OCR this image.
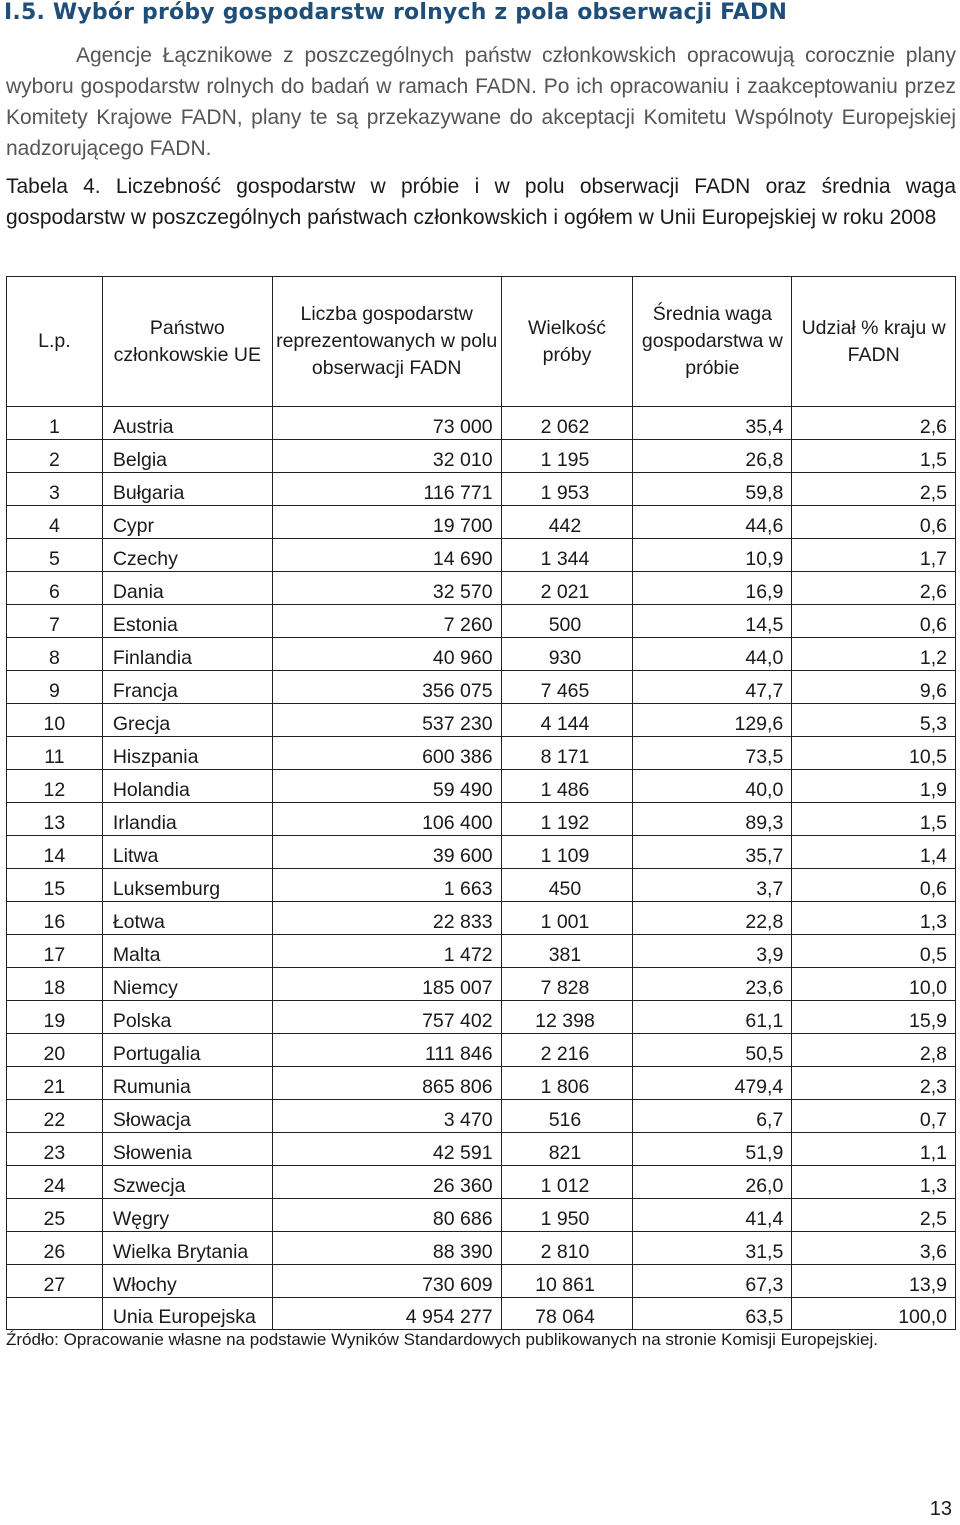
I.5. Wybór próby gospodarstw rolnych z pola obserwacji FADN

Agencje Łącznikowe z poszczególnych państw członkowskich opracowują corocznie plany wyboru gospodarstw rolnych do badań w ramach FADN. Po ich opracowaniu i zaakceptowaniu przez Komitety Krajowe FADN, plany te są przekazywane do akceptacji Komitetu Wspólnoty Europejskiej nadzorującego FADN.

Tabela 4. Liczebność gospodarstw w próbie i w polu obserwacji FADN oraz średnia waga gospodarstw w poszczególnych państwach członkowskich i ogółem w Unii Europejskiej w roku 2008

L.p.	Państwo członkowskie UE	Liczba gospodarstw reprezentowanych w polu obserwacji FADN	Wielkość próby	Średnia waga gospodarstwa w próbie	Udział % kraju w FADN
1	Austria	73 000	2 062	35,4	2,6
2	Belgia	32 010	1 195	26,8	1,5
3	Bułgaria	116 771	1 953	59,8	2,5
4	Cypr	19 700	442	44,6	0,6
5	Czechy	14 690	1 344	10,9	1,7
6	Dania	32 570	2 021	16,9	2,6
7	Estonia	7 260	500	14,5	0,6
8	Finlandia	40 960	930	44,0	1,2
9	Francja	356 075	7 465	47,7	9,6
10	Grecja	537 230	4 144	129,6	5,3
11	Hiszpania	600 386	8 171	73,5	10,5
12	Holandia	59 490	1 486	40,0	1,9
13	Irlandia	106 400	1 192	89,3	1,5
14	Litwa	39 600	1 109	35,7	1,4
15	Luksemburg	1 663	450	3,7	0,6
16	Łotwa	22 833	1 001	22,8	1,3
17	Malta	1 472	381	3,9	0,5
18	Niemcy	185 007	7 828	23,6	10,0
19	Polska	757 402	12 398	61,1	15,9
20	Portugalia	111 846	2 216	50,5	2,8
21	Rumunia	865 806	1 806	479,4	2,3
22	Słowacja	3 470	516	6,7	0,7
23	Słowenia	42 591	821	51,9	1,1
24	Szwecja	26 360	1 012	26,0	1,3
25	Węgry	80 686	1 950	41,4	2,5
26	Wielka Brytania	88 390	2 810	31,5	3,6
27	Włochy	730 609	10 861	67,3	13,9
	Unia Europejska	4 954 277	78 064	63,5	100,0

Źródło: Opracowanie własne na podstawie Wyników Standardowych publikowanych na stronie Komisji Europejskiej.

13
